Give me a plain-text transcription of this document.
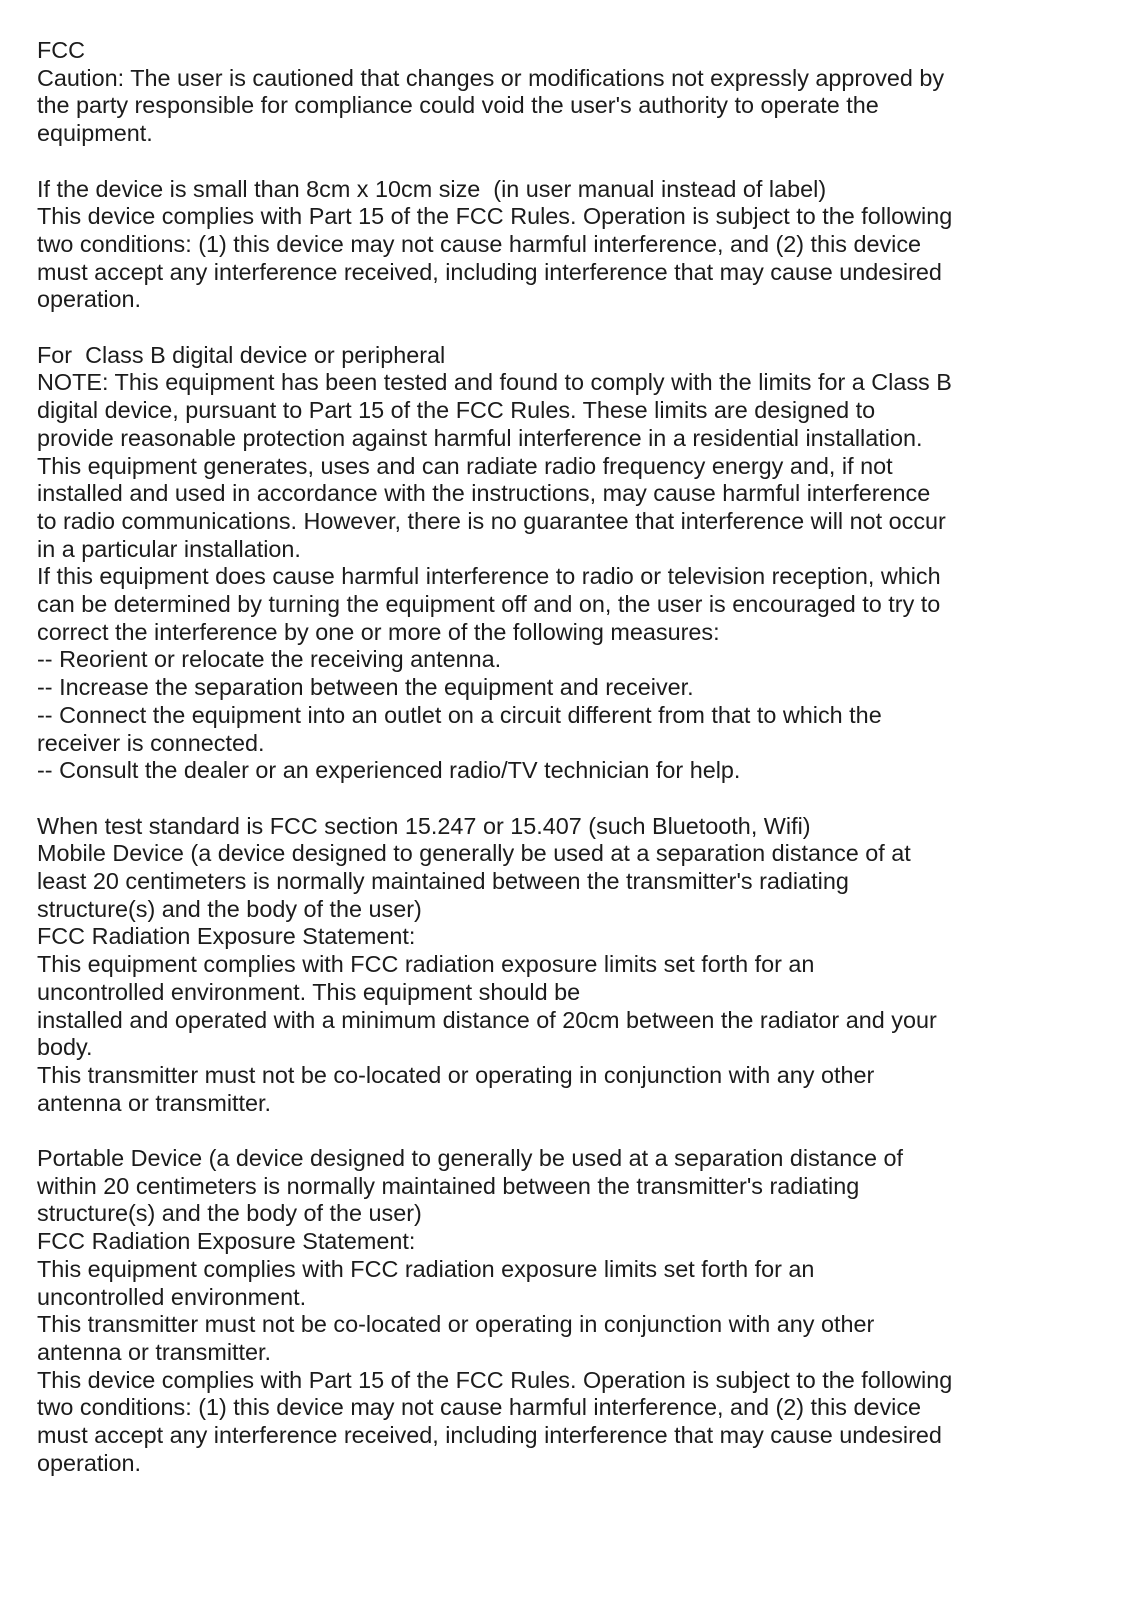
FCC
Caution: The user is cautioned that changes or modifications not expressly approved by
the party responsible for compliance could void the user's authority to operate the
equipment.
If the device is small than 8cm x 10cm size  (in user manual instead of label)
This device complies with Part 15 of the FCC Rules. Operation is subject to the following
two conditions: (1) this device may not cause harmful interference, and (2) this device
must accept any interference received, including interference that may cause undesired
operation.
For  Class B digital device or peripheral
NOTE: This equipment has been tested and found to comply with the limits for a Class B
digital device, pursuant to Part 15 of the FCC Rules. These limits are designed to
provide reasonable protection against harmful interference in a residential installation.
This equipment generates, uses and can radiate radio frequency energy and, if not
installed and used in accordance with the instructions, may cause harmful interference
to radio communications. However, there is no guarantee that interference will not occur
in a particular installation.
If this equipment does cause harmful interference to radio or television reception, which
can be determined by turning the equipment off and on, the user is encouraged to try to
correct the interference by one or more of the following measures:
-- Reorient or relocate the receiving antenna.
-- Increase the separation between the equipment and receiver.
-- Connect the equipment into an outlet on a circuit different from that to which the
receiver is connected.
-- Consult the dealer or an experienced radio/TV technician for help.
When test standard is FCC section 15.247 or 15.407 (such Bluetooth, Wifi)
Mobile Device (a device designed to generally be used at a separation distance of at
least 20 centimeters is normally maintained between the transmitter's radiating
structure(s) and the body of the user)
FCC Radiation Exposure Statement:
This equipment complies with FCC radiation exposure limits set forth for an
uncontrolled environment. This equipment should be
installed and operated with a minimum distance of 20cm between the radiator and your
body.
This transmitter must not be co-located or operating in conjunction with any other
antenna or transmitter.
Portable Device (a device designed to generally be used at a separation distance of
within 20 centimeters is normally maintained between the transmitter's radiating
structure(s) and the body of the user)
FCC Radiation Exposure Statement:
This equipment complies with FCC radiation exposure limits set forth for an
uncontrolled environment.
This transmitter must not be co-located or operating in conjunction with any other
antenna or transmitter.
This device complies with Part 15 of the FCC Rules. Operation is subject to the following
two conditions: (1) this device may not cause harmful interference, and (2) this device
must accept any interference received, including interference that may cause undesired
operation.
